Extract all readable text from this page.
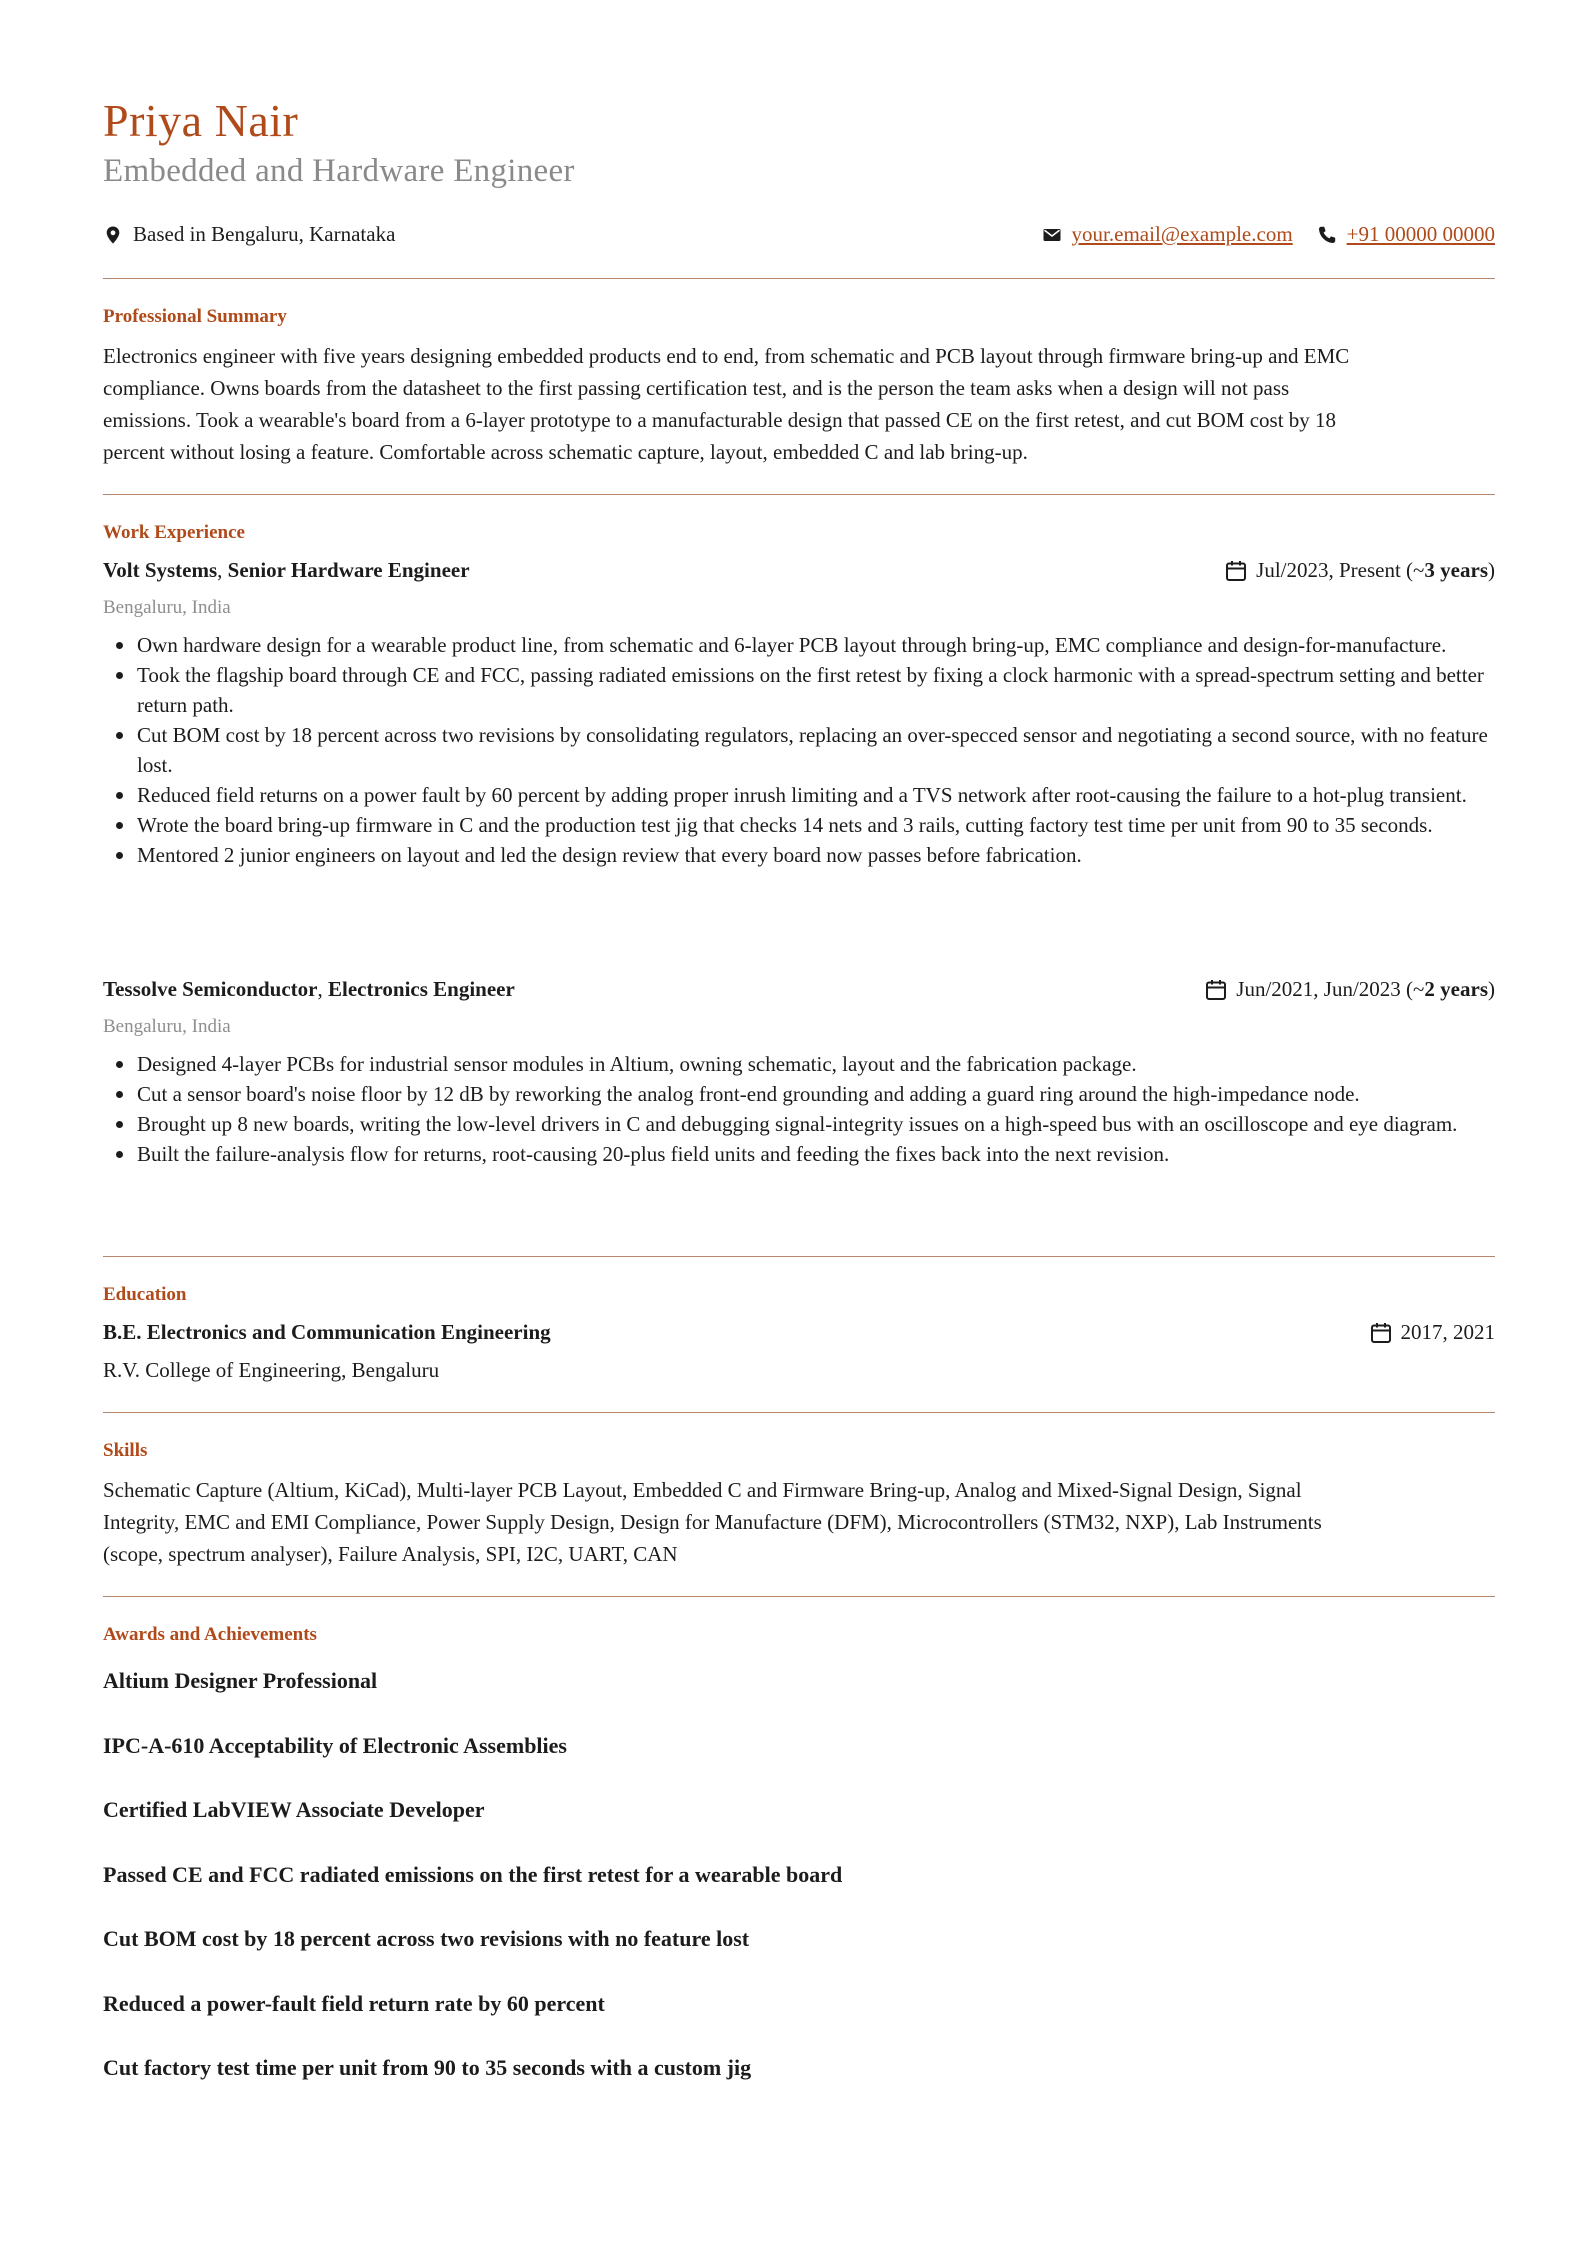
Priya Nair
Embedded and Hardware Engineer
Based in Bengaluru, Karnataka	your.email@example.com	+91 00000 00000
Professional Summary
Electronics engineer with five years designing embedded products end to end, from schematic and PCB layout through firmware bring-up and EMC
compliance. Owns boards from the datasheet to the first passing certification test, and is the person the team asks when a design will not pass
emissions. Took a wearable's board from a 6-layer prototype to a manufacturable design that passed CE on the first retest, and cut BOM cost by 18
percent without losing a feature. Comfortable across schematic capture, layout, embedded C and lab bring-up.
Work Experience
Volt Systems, Senior Hardware Engineer	Jul/2023, Present (~ 3 years )
Bengaluru, India
Own hardware design for a wearable product line, from schematic and 6-layer PCB layout through bring-up, EMC compliance and design-for-manufacture.
Took the flagship board through CE and FCC, passing radiated emissions on the first retest by fixing a clock harmonic with a spread-spectrum setting and better return path.
Cut BOM cost by 18 percent across two revisions by consolidating regulators, replacing an over-specced sensor and negotiating a second source, with no feature lost.
Reduced field returns on a power fault by 60 percent by adding proper inrush limiting and a TVS network after root-causing the failure to a hot-plug transient.
Wrote the board bring-up firmware in C and the production test jig that checks 14 nets and 3 rails, cutting factory test time per unit from 90 to 35 seconds.
Mentored 2 junior engineers on layout and led the design review that every board now passes before fabrication.
Tessolve Semiconductor, Electronics Engineer	Jun/2021, Jun/2023 (~ 2 years )
Bengaluru, India
Designed 4-layer PCBs for industrial sensor modules in Altium, owning schematic, layout and the fabrication package.
Cut a sensor board's noise floor by 12 dB by reworking the analog front-end grounding and adding a guard ring around the high-impedance node.
Brought up 8 new boards, writing the low-level drivers in C and debugging signal-integrity issues on a high-speed bus with an oscilloscope and eye diagram.
Built the failure-analysis flow for returns, root-causing 20-plus field units and feeding the fixes back into the next revision.
Education
B.E. Electronics and Communication Engineering	2017, 2021
R.V. College of Engineering, Bengaluru
Skills
Schematic Capture (Altium, KiCad), Multi-layer PCB Layout, Embedded C and Firmware Bring-up, Analog and Mixed-Signal Design, Signal
Integrity, EMC and EMI Compliance, Power Supply Design, Design for Manufacture (DFM), Microcontrollers (STM32, NXP), Lab Instruments
(scope, spectrum analyser), Failure Analysis, SPI, I2C, UART, CAN
Awards and Achievements
Altium Designer Professional
IPC-A-610 Acceptability of Electronic Assemblies
Certified LabVIEW Associate Developer
Passed CE and FCC radiated emissions on the first retest for a wearable board
Cut BOM cost by 18 percent across two revisions with no feature lost
Reduced a power-fault field return rate by 60 percent
Cut factory test time per unit from 90 to 35 seconds with a custom jig
